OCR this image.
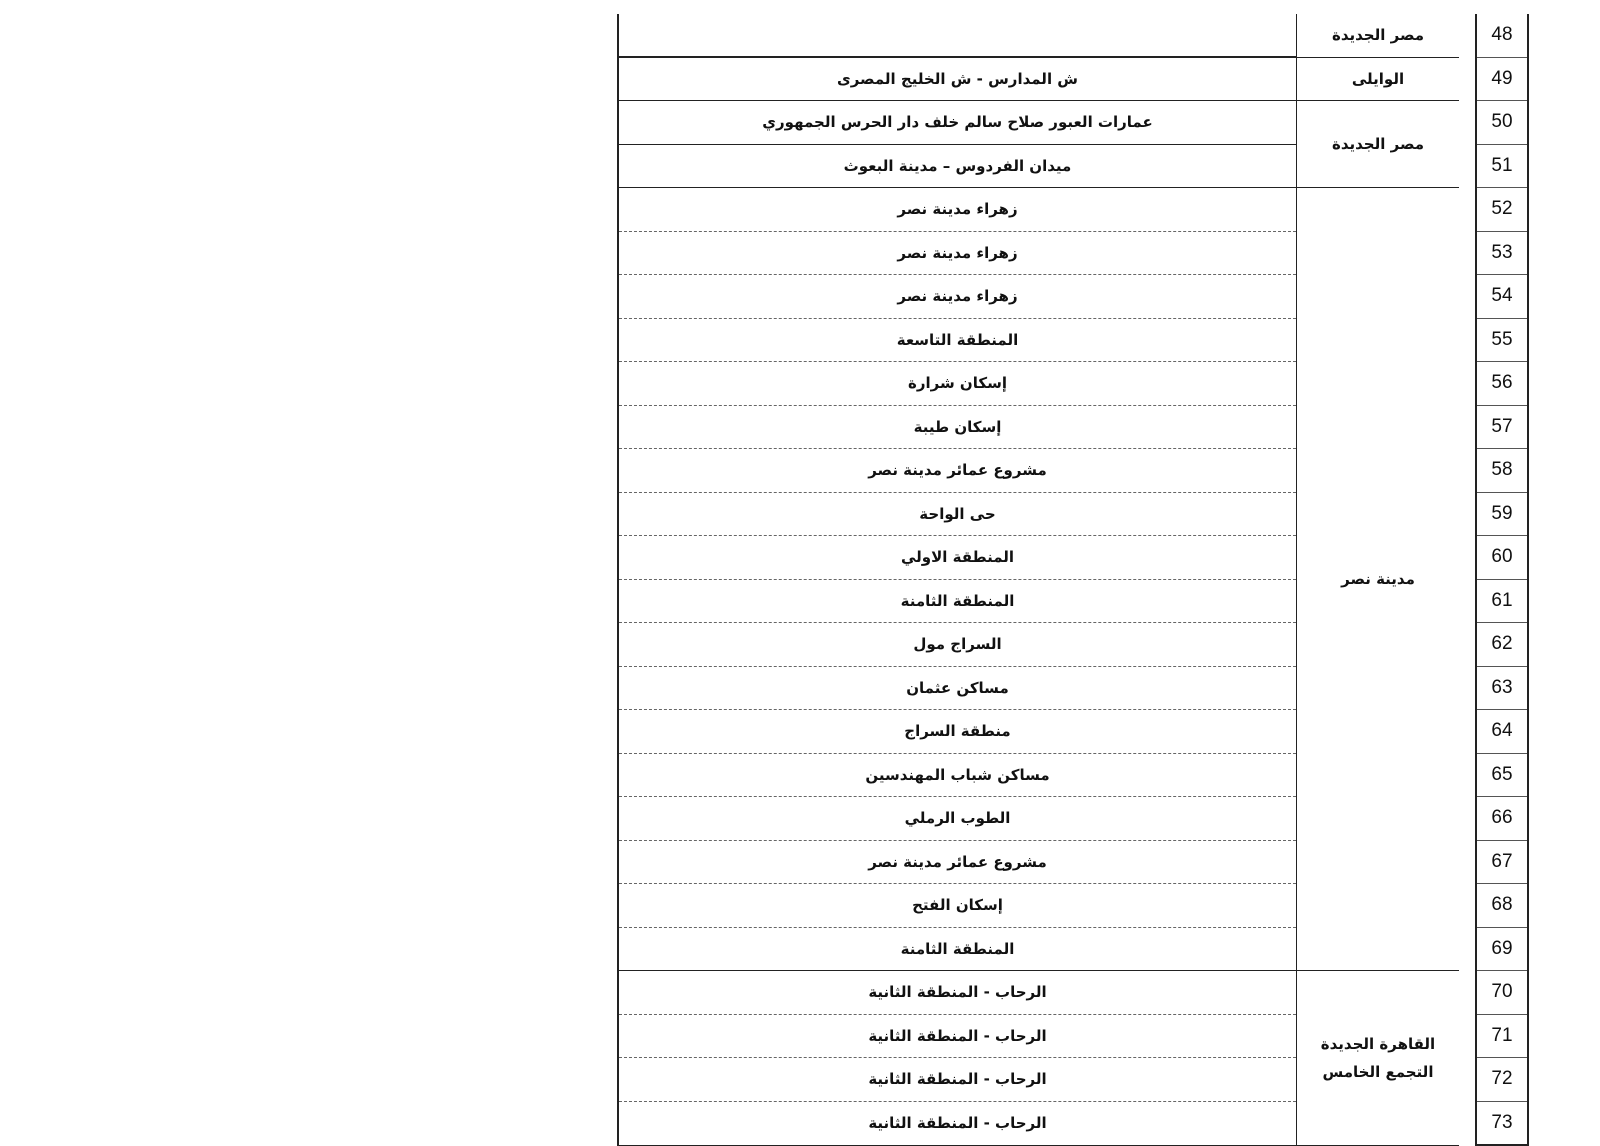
48		مصر الجديدة	
49		الوايلى	ش المدارس - ش الخليج المصرى
50		مصر الجديدة	عمارات العبور صلاح سالم خلف دار الحرس الجمهوري
51			ميدان الفردوس – مدينة البعوث
52		مدينة نصر	زهراء مدينة نصر
53			زهراء مدينة نصر
54			زهراء مدينة نصر
55			المنطقة التاسعة
56			إسكان شرارة
57			إسكان طيبة
58			مشروع عمائر مدينة نصر
59			حى الواحة
60			المنطقة الاولي
61			المنطقة الثامنة
62			السراج مول
63			مساكن عثمان
64			منطقة السراج
65			مساكن شباب المهندسين
66			الطوب الرملي
67			مشروع عمائر مدينة نصر
68			إسكان الفتح
69			المنطقة الثامنة
70		القاهرة الجديدة التجمع الخامس	الرحاب - المنطقة الثانية
71			الرحاب - المنطقة الثانية
72			الرحاب - المنطقة الثانية
73			الرحاب - المنطقة الثانية
